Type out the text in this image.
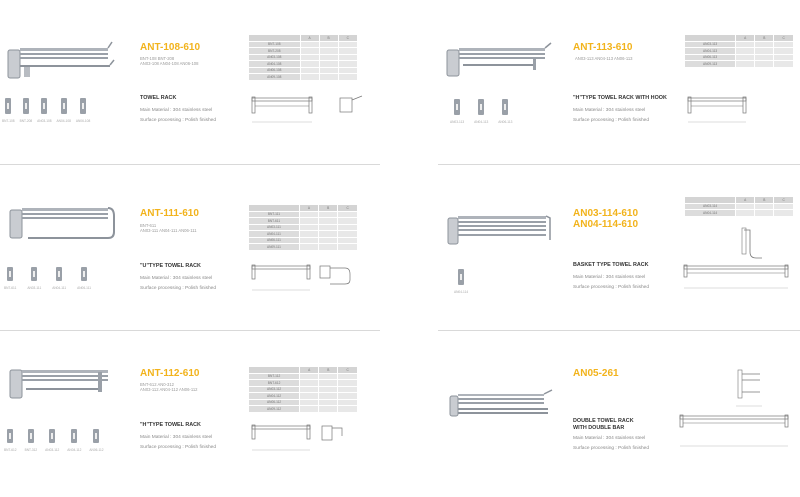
BNT-108 BNT-208 AN03-108 AN04-108 AN06-108
ANT-108-610
BNT-108 BNT-208
AN03-108 AN04-108 AN06-108
TOWEL RACK
Main Material : 304 stainless steel
Surface processing : Polish finished
	A	B	C
BNT-108			
BNT-208			
AN03-108			
AN04-108			
AN06-108			
AN09-108			
AN03-113	AN04-113	AN06-113
ANT-113-610
AN03-113 AN04-113 AN06-113
"H"TYPE TOWEL RACK WITH HOOK
Main Material : 304 stainless steel
Surface processing : Polish finished
	A	B	C
AN03-113			
AN04-113			
AN06-113			
AN09-113			
BNT-611	AN03-111	AN04-111	AN06-111
ANT-111-610
BNT-611
AN03-111 AN04-111 AN06-111
"U"TYPE TOWEL RACK
Main Material : 304 stainless steel
Surface processing : Polish finished
	A	B	C
BNT-111			
BNT-611			
AN03-111			
AN04-111			
AN06-111			
AN09-111			
AN04-114
AN03-114-610
AN04-114-610
BASKET TYPE TOWEL RACK
Main Material : 304 stainless steel
Surface processing : Polish finished
	A	B	C
AN03-114			
AN04-114			
BNT-612	BNT-312	AN03-112	AN04-112	AN06-112
ANT-112-610
BNT-612 AN0-312
AN03-112 AN04-112 AN06-112
"H"TYPE TOWEL RACK
Main Material : 304 stainless steel
Surface processing : Polish finished
	A	B	C
BNT-112			
BNT-612			
AN03-112			
AN04-112			
AN06-112			
AN09-112			
AN05-261
DOUBLE TOWEL RACK
WITH DOUBLE BAR
Main Material : 304 stainless steel
Surface processing : Polish finished
